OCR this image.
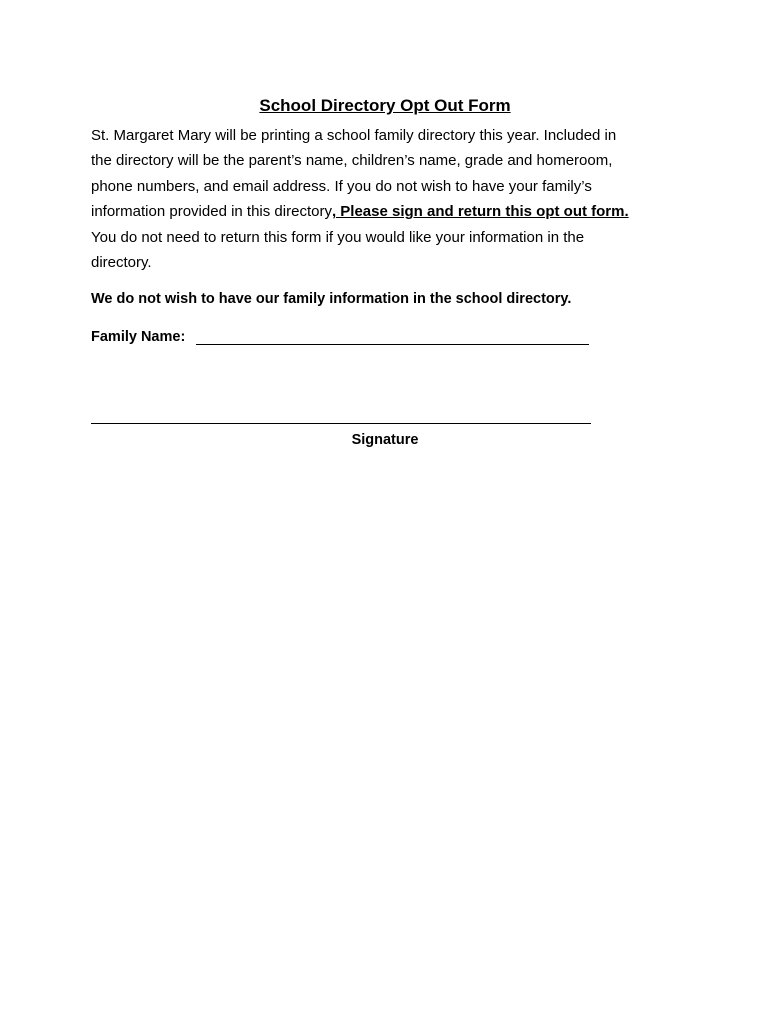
School Directory Opt Out Form
St. Margaret Mary will be printing a school family directory this year. Included in
the directory will be the parent’s name, children’s name, grade and homeroom,
phone numbers, and email address. If you do not wish to have your family’s
information provided in this directory, Please sign and return this opt out form.
You do not need to return this form if you would like your information in the
directory.
We do not wish to have our family information in the school directory.
Family Name:
Signature
